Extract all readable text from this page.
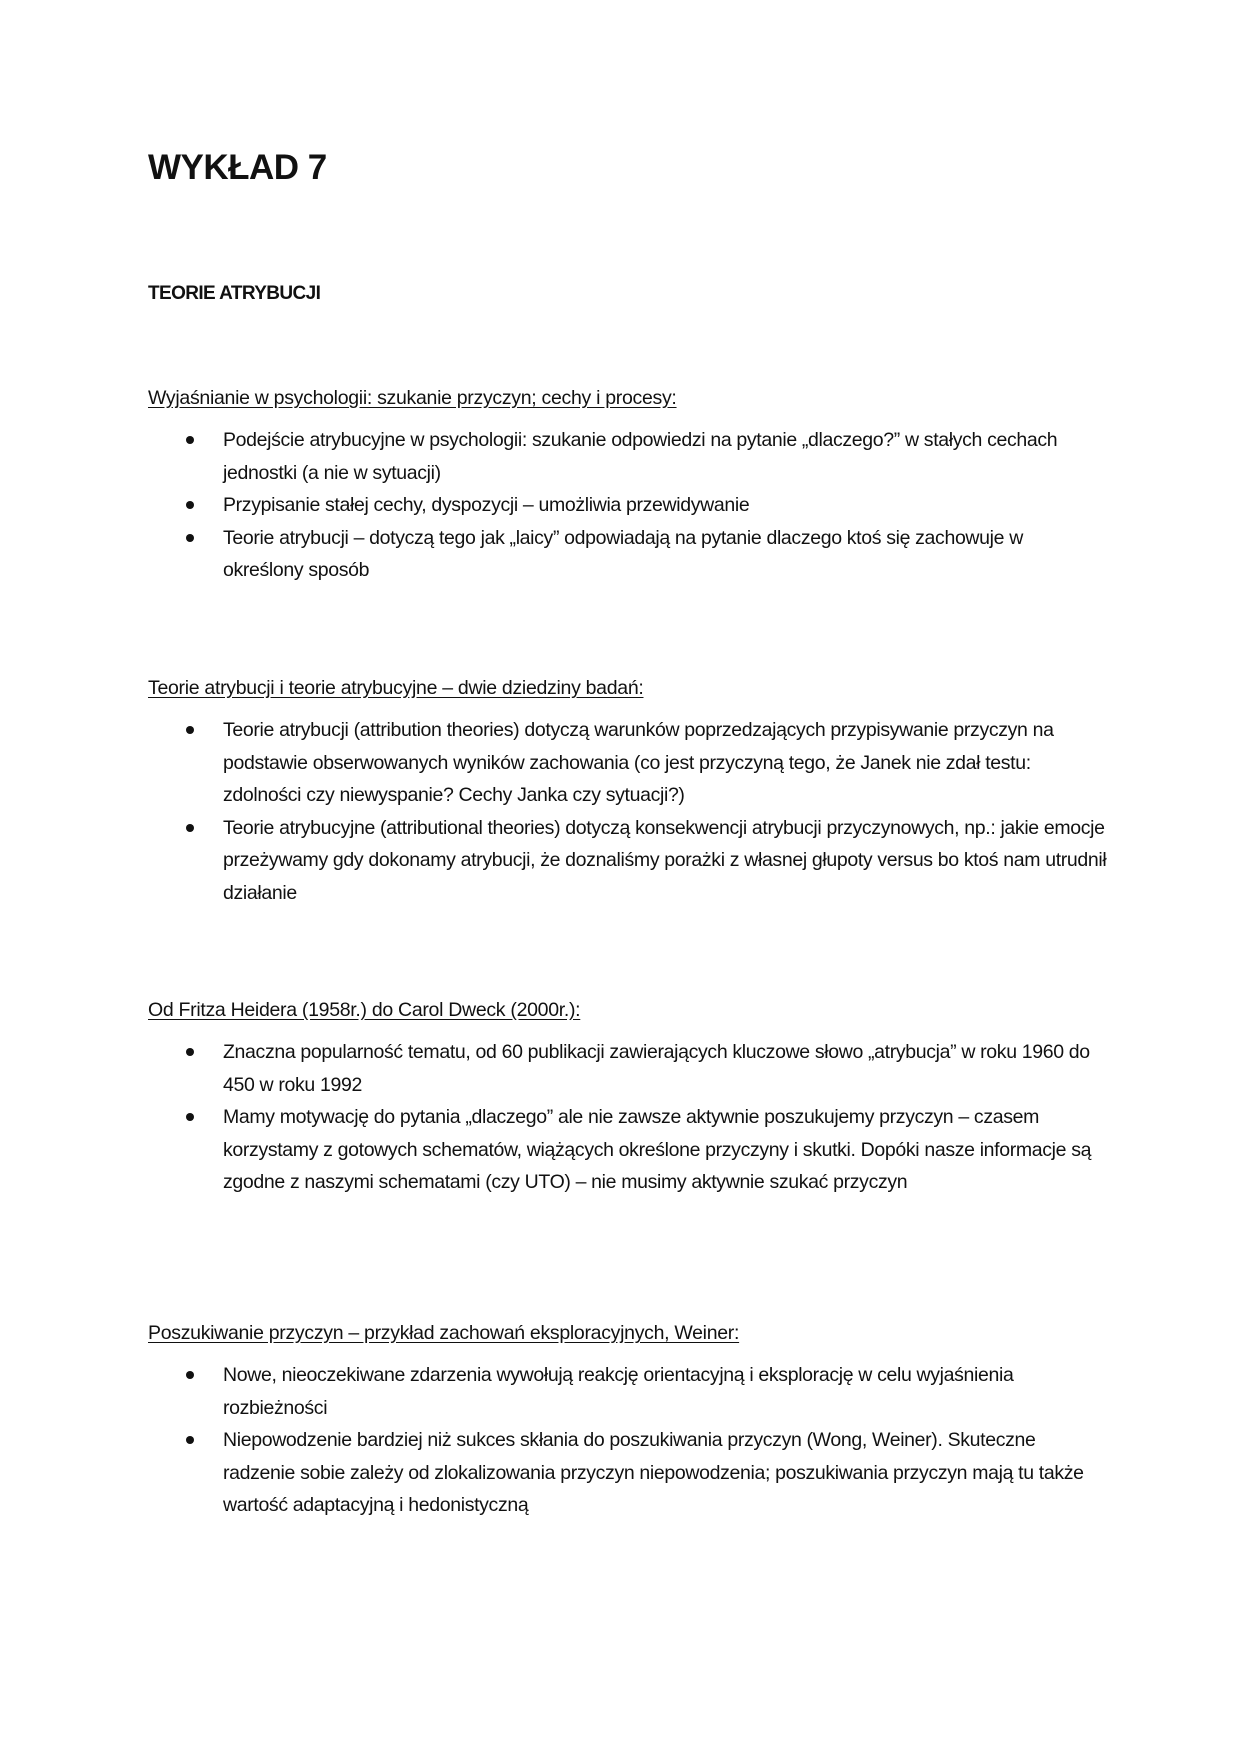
WYKŁAD 7
TEORIE ATRYBUCJI

Wyjaśnianie w psychologii: szukanie przyczyn; cechy i procesy:

Podejście atrybucyjne w psychologii: szukanie odpowiedzi na pytanie „dlaczego?” w stałych cechach jednostki (a nie w sytuacji)
Przypisanie stałej cechy, dyspozycji – umożliwia przewidywanie
Teorie atrybucji – dotyczą tego jak „laicy” odpowiadają na pytanie dlaczego ktoś się zachowuje w określony sposób

Teorie atrybucji i teorie atrybucyjne – dwie dziedziny badań:

Teorie atrybucji (attribution theories) dotyczą warunków poprzedzających przypisywanie przyczyn na podstawie obserwowanych wyników zachowania (co jest przyczyną tego, że Janek nie zdał testu: zdolności czy niewyspanie? Cechy Janka czy sytuacji?)
Teorie atrybucyjne (attributional theories) dotyczą konsekwencji atrybucji przyczynowych, np.: jakie emocje przeżywamy gdy dokonamy atrybucji, że doznaliśmy porażki z własnej głupoty versus bo ktoś nam utrudnił działanie

Od Fritza Heidera (1958r.) do Carol Dweck (2000r.):

Znaczna popularność tematu, od 60 publikacji zawierających kluczowe słowo „atrybucja” w roku 1960 do 450 w roku 1992
Mamy motywację do pytania „dlaczego” ale nie zawsze aktywnie poszukujemy przyczyn – czasem korzystamy z gotowych schematów, wiążących określone przyczyny i skutki. Dopóki nasze informacje są zgodne z naszymi schematami (czy UTO) – nie musimy aktywnie szukać przyczyn

Poszukiwanie przyczyn – przykład zachowań eksploracyjnych, Weiner:

Nowe, nieoczekiwane zdarzenia wywołują reakcję orientacyjną i eksplorację w celu wyjaśnienia rozbieżności
Niepowodzenie bardziej niż sukces skłania do poszukiwania przyczyn (Wong, Weiner). Skuteczne radzenie sobie zależy od zlokalizowania przyczyn niepowodzenia; poszukiwania przyczyn mają tu także wartość adaptacyjną i hedonistyczną
